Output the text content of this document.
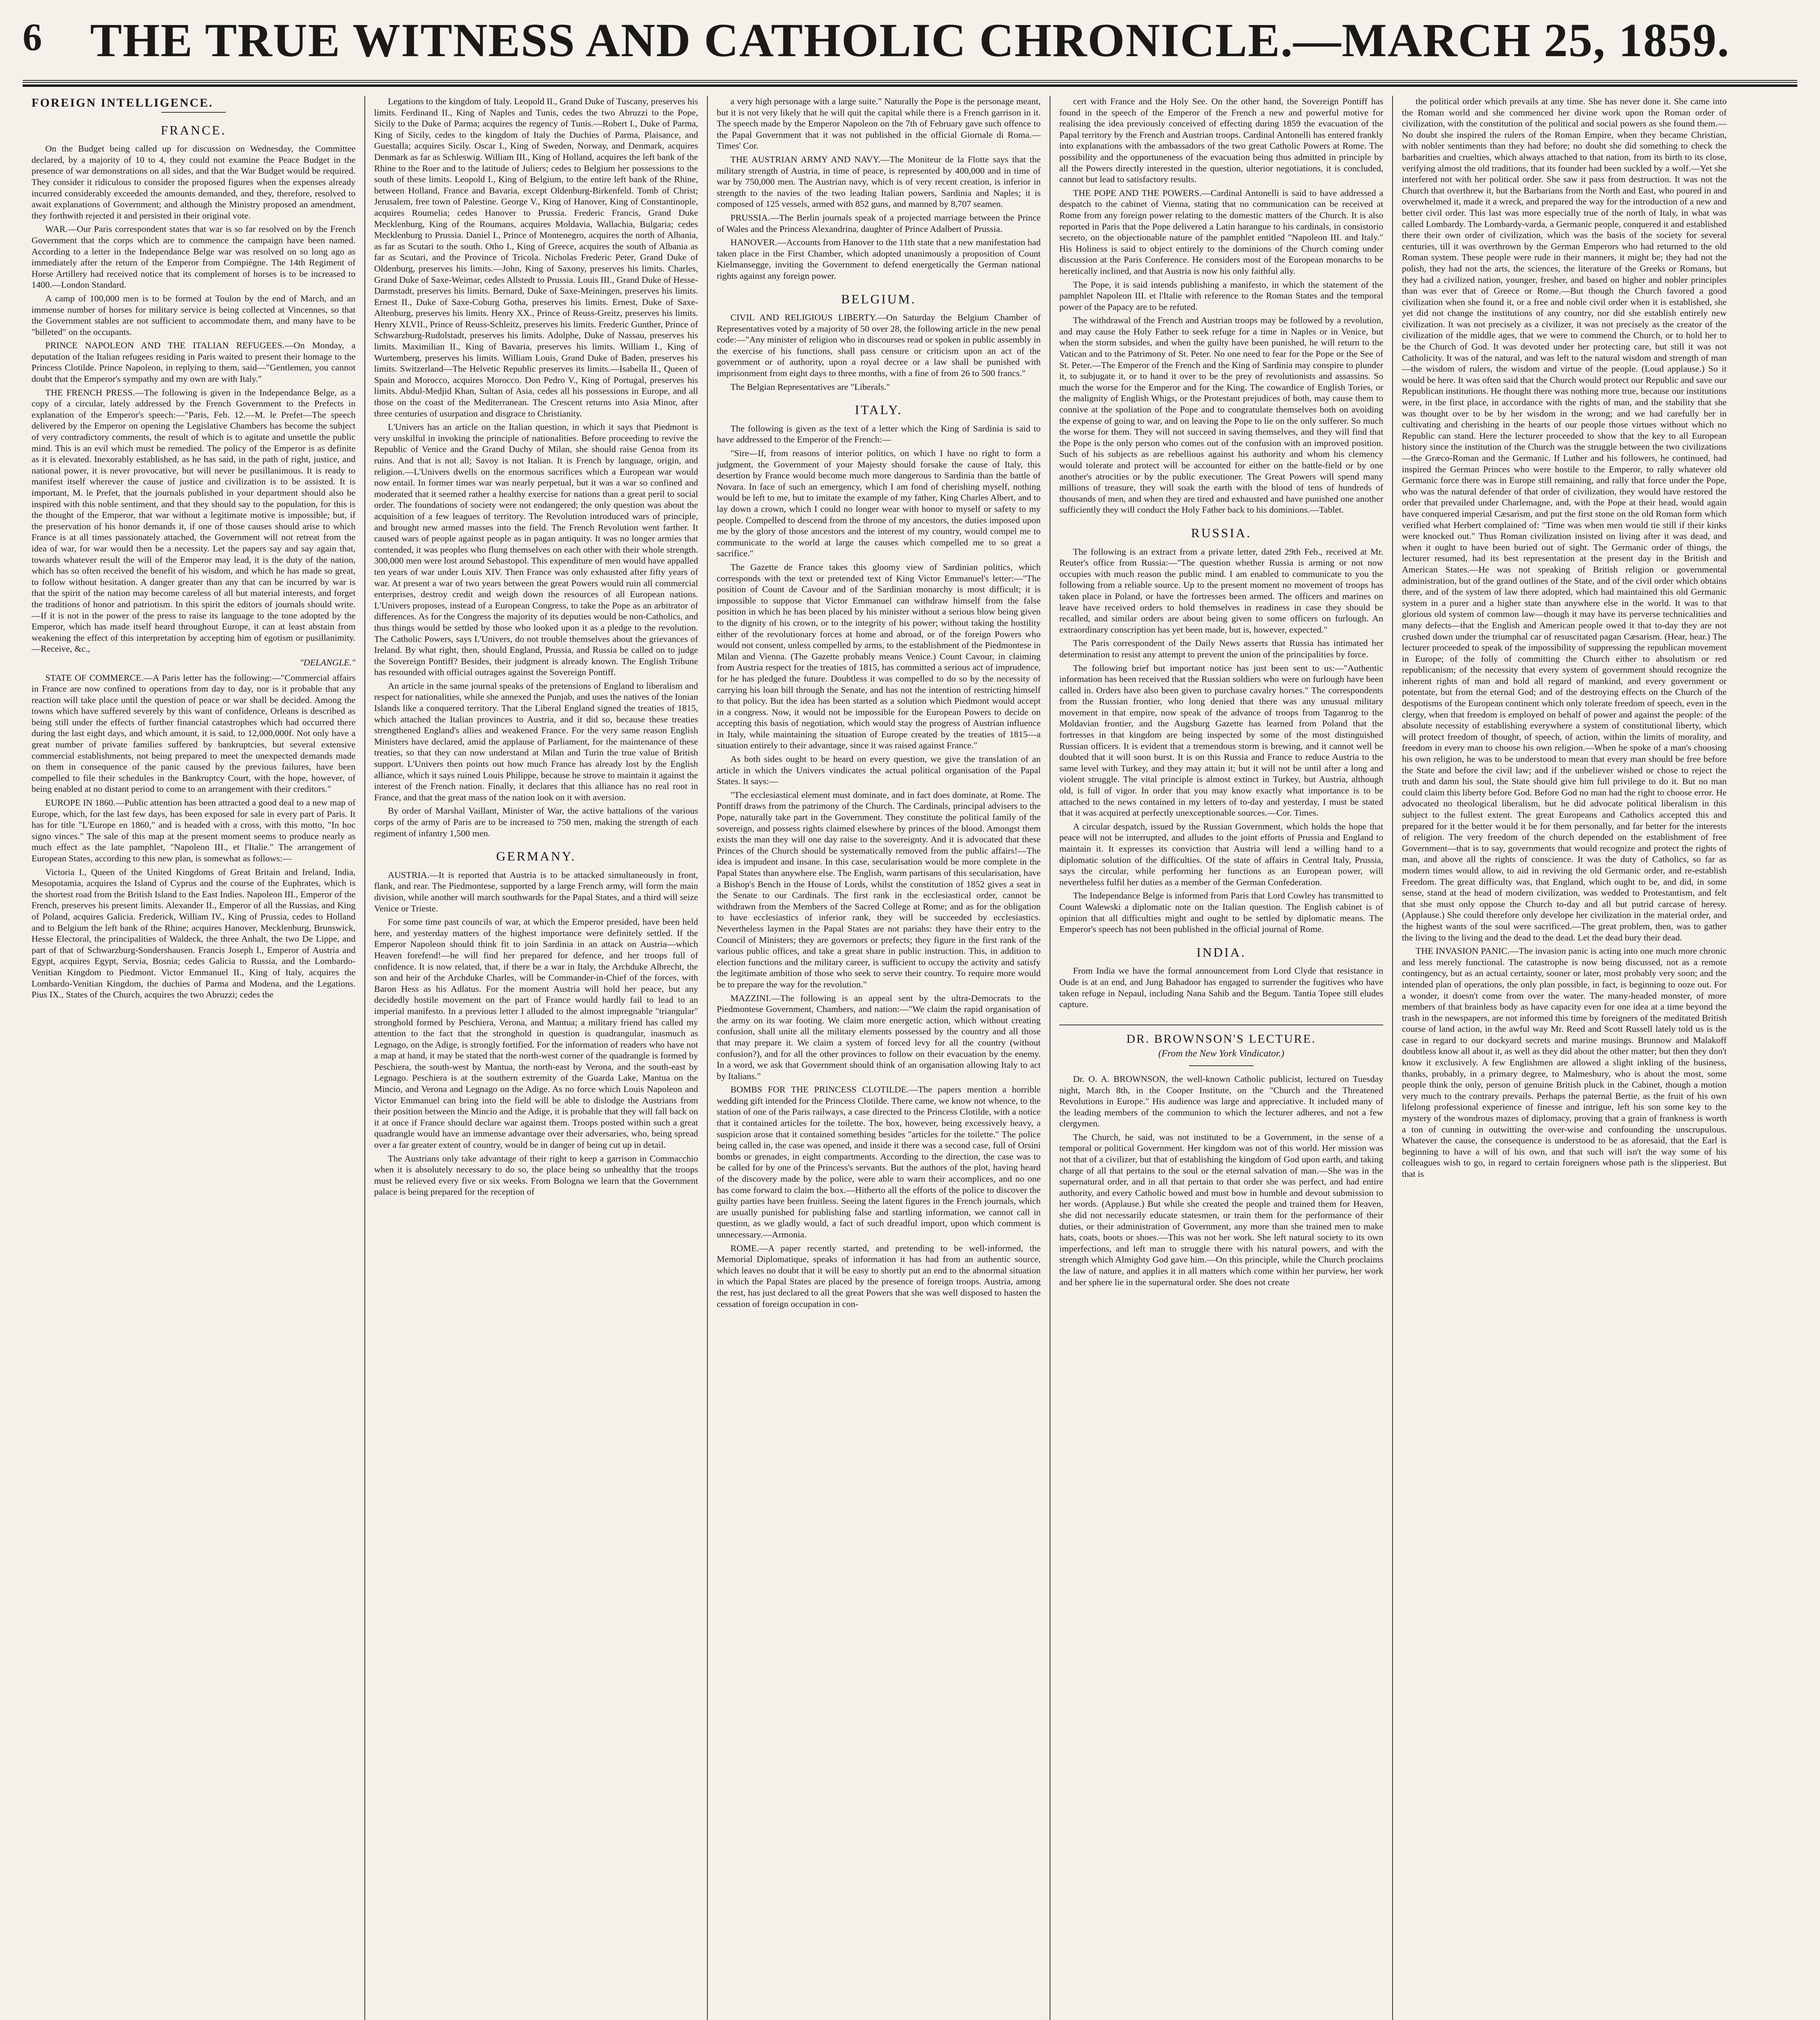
6	THE TRUE WITNESS AND CATHOLIC CHRONICLE.—MARCH 25, 1859.
FOREIGN INTELLIGENCE.
FRANCE.

On the Budget being called up for discussion on Wednesday, the Committee declared, by a majority of 10 to 4, they could not examine the Peace Budget in the presence of war demonstrations on all sides, and that the War Budget would be required. They consider it ridiculous to consider the proposed figures when the expenses already incurred considerably exceeded the amounts demanded, and they, therefore, resolved to await explanations of Government; and although the Ministry proposed an amendment, they forthwith rejected it and persisted in their original vote.

WAR.—Our Paris correspondent states that war is so far resolved on by the French Government that the corps which are to commence the campaign have been named. According to a letter in the Independance Belge war was resolved on so long ago as immediately after the return of the Emperor from Compiègne. The 14th Regiment of Horse Artillery had received notice that its complement of horses is to be increased to 1400.—London Standard.

A camp of 100,000 men is to be formed at Toulon by the end of March, and an immense number of horses for military service is being collected at Vincennes, so that the Government stables are not sufficient to accommodate them, and many have to be "billeted" on the occupants.

PRINCE NAPOLEON AND THE ITALIAN REFUGEES.—On Monday, a deputation of the Italian refugees residing in Paris waited to present their homage to the Princess Clotilde. Prince Napoleon, in replying to them, said—"Gentlemen, you cannot doubt that the Emperor's sympathy and my own are with Italy."

THE FRENCH PRESS.—The following is given in the Independance Belge, as a copy of a circular, lately addressed by the French Government to the Prefects in explanation of the Emperor's speech:—"Paris, Feb. 12.—M. le Prefet—The speech delivered by the Emperor on opening the Legislative Chambers has become the subject of very contradictory comments, the result of which is to agitate and unsettle the public mind. This is an evil which must be remedied. The policy of the Emperor is as definite as it is elevated. Inexorably established, as he has said, in the path of right, justice, and national power, it is never provocative, but will never be pusillanimous. It is ready to manifest itself wherever the cause of justice and civilization is to be assisted. It is important, M. le Prefet, that the journals published in your department should also be inspired with this noble sentiment, and that they should say to the population, for this is the thought of the Emperor, that war without a legitimate motive is impossible; but, if the preservation of his honor demands it, if one of those causes should arise to which France is at all times passionately attached, the Government will not retreat from the idea of war, for war would then be a necessity. Let the papers say and say again that, towards whatever result the will of the Emperor may lead, it is the duty of the nation, which has so often received the benefit of his wisdom, and which he has made so great, to follow without hesitation. A danger greater than any that can be incurred by war is that the spirit of the nation may become careless of all but material interests, and forget the traditions of honor and patriotism. In this spirit the editors of journals should write.—If it is not in the power of the press to raise its language to the tone adopted by the Emperor, which has made itself heard throughout Europe, it can at least abstain from weakening the effect of this interpretation by accepting him of egotism or pusillanimity.—Receive, &c.,

"DELANGLE."

STATE OF COMMERCE.—A Paris letter has the following:—"Commercial affairs in France are now confined to operations from day to day, nor is it probable that any reaction will take place until the question of peace or war shall be decided. Among the towns which have suffered severely by this want of confidence, Orleans is described as being still under the effects of further financial catastrophes which had occurred there during the last eight days, and which amount, it is said, to 12,000,000f. Not only have a great number of private families suffered by bankruptcies, but several extensive commercial establishments, not being prepared to meet the unexpected demands made on them in consequence of the panic caused by the previous failures, have been compelled to file their schedules in the Bankruptcy Court, with the hope, however, of being enabled at no distant period to come to an arrangement with their creditors."

EUROPE IN 1860.—Public attention has been attracted a good deal to a new map of Europe, which, for the last few days, has been exposed for sale in every part of Paris. It has for title "L'Europe en 1860," and is headed with a cross, with this motto, "In hoc signo vinces." The sale of this map at the present moment seems to produce nearly as much effect as the late pamphlet, "Napoleon III., et l'Italie." The arrangement of European States, according to this new plan, is somewhat as follows:—

Victoria I., Queen of the United Kingdoms of Great Britain and Ireland, India, Mesopotamia, acquires the Island of Cyprus and the course of the Euphrates, which is the shortest road from the British Island to the East Indies. Napoleon III., Emperor of the French, preserves his present limits. Alexander II., Emperor of all the Russias, and King of Poland, acquires Galicia. Frederick, William IV., King of Prussia, cedes to Holland and to Belgium the left bank of the Rhine; acquires Hanover, Mecklenburg, Brunswick, Hesse Electoral, the principalities of Waldeck, the three Anhalt, the two De Lippe, and part of that of Schwarzburg-Sondershausen. Francis Joseph I., Emperor of Austria and Egypt, acquires Egypt, Servia, Bosnia; cedes Galicia to Russia, and the Lombardo-Venitian Kingdom to Piedmont. Victor Emmanuel II., King of Italy, acquires the Lombardo-Venitian Kingdom, the duchies of Parma and Modena, and the Legations. Pius IX., States of the Church, acquires the two Abruzzi; cedes the

Legations to the kingdom of Italy. Leopold II., Grand Duke of Tuscany, preserves his limits. Ferdinand II., King of Naples and Tunis, cedes the two Abruzzi to the Pope, Sicily to the Duke of Parma; acquires the regency of Tunis.—Robert I., Duke of Parma, King of Sicily, cedes to the kingdom of Italy the Duchies of Parma, Plaisance, and Guestalla; acquires Sicily. Oscar I., King of Sweden, Norway, and Denmark, acquires Denmark as far as Schleswig. William III., King of Holland, acquires the left bank of the Rhine to the Roer and to the latitude of Juliers; cedes to Belgium her possessions to the south of these limits. Leopold I., King of Belgium, to the entire left bank of the Rhine, between Holland, France and Bavaria, except Oldenburg-Birkenfeld. Tomb of Christ; Jerusalem, free town of Palestine. George V., King of Hanover, King of Constantinople, acquires Roumelia; cedes Hanover to Prussia. Frederic Francis, Grand Duke Mecklenburg, King of the Roumans, acquires Moldavia, Wallachia, Bulgaria; cedes Mecklenburg to Prussia. Daniel I., Prince of Montenegro, acquires the north of Albania, as far as Scutari to the south. Otho I., King of Greece, acquires the south of Albania as far as Scutari, and the Province of Tricola. Nicholas Frederic Peter, Grand Duke of Oldenburg, preserves his limits.—John, King of Saxony, preserves his limits. Charles, Grand Duke of Saxe-Weimar, cedes Allstedt to Prussia. Louis III., Grand Duke of Hesse-Darmstadt, preserves his limits. Bernard, Duke of Saxe-Meiningen, preserves his limits. Ernest II., Duke of Saxe-Coburg Gotha, preserves his limits. Ernest, Duke of Saxe-Altenburg, preserves his limits. Henry XX., Prince of Reuss-Greitz, preserves his limits. Henry XLVII., Prince of Reuss-Schleitz, preserves his limits. Frederic Gunther, Prince of Schwarzburg-Rudolstadt, preserves his limits. Adolphe, Duke of Nassau, preserves his limits. Maximilian II., King of Bavaria, preserves his limits. William I., King of Wurtemberg, preserves his limits. William Louis, Grand Duke of Baden, preserves his limits. Switzerland—The Helvetic Republic preserves its limits.—Isabella II., Queen of Spain and Morocco, acquires Morocco. Don Pedro V., King of Portugal, preserves his limits. Abdul-Medjid Khan, Sultan of Asia, cedes all his possessions in Europe, and all those on the coast of the Mediterranean. The Crescent returns into Asia Minor, after three centuries of usurpation and disgrace to Christianity.

L'Univers has an article on the Italian question, in which it says that Piedmont is very unskilful in invoking the principle of nationalities. Before proceeding to revive the Republic of Venice and the Grand Duchy of Milan, she should raise Genoa from its ruins. And that is not all; Savoy is not Italian. It is French by language, origin, and religion.—L'Univers dwells on the enormous sacrifices which a European war would now entail. In former times war was nearly perpetual, but it was a war so confined and moderated that it seemed rather a healthy exercise for nations than a great peril to social order. The foundations of society were not endangered; the only question was about the acquisition of a few leagues of territory. The Revolution introduced wars of principle, and brought new armed masses into the field. The French Revolution went farther. It caused wars of people against people as in pagan antiquity. It was no longer armies that contended, it was peoples who flung themselves on each other with their whole strength. 300,000 men were lost around Sebastopol. This expenditure of men would have appalled ten years of war under Louis XIV. Then France was only exhausted after fifty years of war. At present a war of two years between the great Powers would ruin all commercial enterprises, destroy credit and weigh down the resources of all European nations. L'Univers proposes, instead of a European Congress, to take the Pope as an arbitrator of differences. As for the Congress the majority of its deputies would be non-Catholics, and thus things would be settled by those who looked upon it as a pledge to the revolution. The Catholic Powers, says L'Univers, do not trouble themselves about the grievances of Ireland. By what right, then, should England, Prussia, and Russia be called on to judge the Sovereign Pontiff? Besides, their judgment is already known. The English Tribune has resounded with official outrages against the Sovereign Pontiff.

An article in the same journal speaks of the pretensions of England to liberalism and respect for nationalities, while she annexed the Punjab, and uses the natives of the Ionian Islands like a conquered territory. That the Liberal England signed the treaties of 1815, which attached the Italian provinces to Austria, and it did so, because these treaties strengthened England's allies and weakened France. For the very same reason English Ministers have declared, amid the applause of Parliament, for the maintenance of these treaties, so that they can now understand at Milan and Turin the true value of British support. L'Univers then points out how much France has already lost by the English alliance, which it says ruined Louis Philippe, because he strove to maintain it against the interest of the French nation. Finally, it declares that this alliance has no real root in France, and that the great mass of the nation look on it with aversion.

By order of Marshal Vaillant, Minister of War, the active battalions of the various corps of the army of Paris are to be increased to 750 men, making the strength of each regiment of infantry 1,500 men.

GERMANY.

AUSTRIA.—It is reported that Austria is to be attacked simultaneously in front, flank, and rear. The Piedmontese, supported by a large French army, will form the main division, while another will march southwards for the Papal States, and a third will seize Venice or Trieste.

For some time past councils of war, at which the Emperor presided, have been held here, and yesterday matters of the highest importance were definitely settled. If the Emperor Napoleon should think fit to join Sardinia in an attack on Austria—which Heaven forefend!—he will find her prepared for defence, and her troops full of confidence. It is now related, that, if there be a war in Italy, the Archduke Albrecht, the son and heir of the Archduke Charles, will be Commander-in-Chief of the forces, with Baron Hess as his Adlatus. For the moment Austria will hold her peace, but any decidedly hostile movement on the part of France would hardly fail to lead to an imperial manifesto. In a previous letter I alluded to the almost impregnable "triangular" stronghold formed by Peschiera, Verona, and Mantua; a military friend has called my attention to the fact that the stronghold in question is quadrangular, inasmuch as Legnago, on the Adige, is strongly fortified. For the information of readers who have not a map at hand, it may be stated that the north-west corner of the quadrangle is formed by Peschiera, the south-west by Mantua, the north-east by Verona, and the south-east by Legnago. Peschiera is at the southern extremity of the Guarda Lake, Mantua on the Mincio, and Verona and Legnago on the Adige. As no force which Louis Napoleon and Victor Emmanuel can bring into the field will be able to dislodge the Austrians from their position between the Mincio and the Adige, it is probable that they will fall back on it at once if France should declare war against them. Troops posted within such a great quadrangle would have an immense advantage over their adversaries, who, being spread over a far greater extent of country, would be in danger of being cut up in detail.

The Austrians only take advantage of their right to keep a garrison in Commacchio when it is absolutely necessary to do so, the place being so unhealthy that the troops must be relieved every five or six weeks. From Bologna we learn that the Government palace is being prepared for the reception of

a very high personage with a large suite." Naturally the Pope is the personage meant, but it is not very likely that he will quit the capital while there is a French garrison in it. The speech made by the Emperor Napoleon on the 7th of February gave such offence to the Papal Government that it was not published in the official Giornale di Roma.—Times' Cor.

THE AUSTRIAN ARMY AND NAVY.—The Moniteur de la Flotte says that the military strength of Austria, in time of peace, is represented by 400,000 and in time of war by 750,000 men. The Austrian navy, which is of very recent creation, is inferior in strength to the navies of the two leading Italian powers, Sardinia and Naples; it is composed of 125 vessels, armed with 852 guns, and manned by 8,707 seamen.

PRUSSIA.—The Berlin journals speak of a projected marriage between the Prince of Wales and the Princess Alexandrina, daughter of Prince Adalbert of Prussia.

HANOVER.—Accounts from Hanover to the 11th state that a new manifestation had taken place in the First Chamber, which adopted unanimously a proposition of Count Kielmansegge, inviting the Government to defend energetically the German national rights against any foreign power.

BELGIUM.

CIVIL AND RELIGIOUS LIBERTY.—On Saturday the Belgium Chamber of Representatives voted by a majority of 50 over 28, the following article in the new penal code:—"Any minister of religion who in discourses read or spoken in public assembly in the exercise of his functions, shall pass censure or criticism upon an act of the government or of authority, upon a royal decree or a law shall be punished with imprisonment from eight days to three months, with a fine of from 26 to 500 francs."

The Belgian Representatives are "Liberals."

ITALY.

The following is given as the text of a letter which the King of Sardinia is said to have addressed to the Emperor of the French:—

"Sire—If, from reasons of interior politics, on which I have no right to form a judgment, the Government of your Majesty should forsake the cause of Italy, this desertion by France would become much more dangerous to Sardinia than the battle of Novara. In face of such an emergency, which I am fond of cherishing myself, nothing would be left to me, but to imitate the example of my father, King Charles Albert, and to lay down a crown, which I could no longer wear with honor to myself or safety to my people. Compelled to descend from the throne of my ancestors, the duties imposed upon me by the glory of those ancestors and the interest of my country, would compel me to communicate to the world at large the causes which compelled me to so great a sacrifice."

The Gazette de France takes this gloomy view of Sardinian politics, which corresponds with the text or pretended text of King Victor Emmanuel's letter:—"The position of Count de Cavour and of the Sardinian monarchy is most difficult; it is impossible to suppose that Victor Emmanuel can withdraw himself from the false position in which he has been placed by his minister without a serious blow being given to the dignity of his crown, or to the integrity of his power; without taking the hostility either of the revolutionary forces at home and abroad, or of the foreign Powers who would not consent, unless compelled by arms, to the establishment of the Piedmontese in Milan and Vienna. (The Gazette probably means Venice.) Count Cavour, in claiming from Austria respect for the treaties of 1815, has committed a serious act of imprudence, for he has pledged the future. Doubtless it was compelled to do so by the necessity of carrying his loan bill through the Senate, and has not the intention of restricting himself to that policy. But the idea has been started as a solution which Piedmont would accept in a congress. Now, it would not be impossible for the European Powers to decide on accepting this basis of negotiation, which would stay the progress of Austrian influence in Italy, while maintaining the situation of Europe created by the treaties of 1815—a situation entirely to their advantage, since it was raised against France."

As both sides ought to be heard on every question, we give the translation of an article in which the Univers vindicates the actual political organisation of the Papal States. It says:—

"The ecclesiastical element must dominate, and in fact does dominate, at Rome. The Pontiff draws from the patrimony of the Church. The Cardinals, principal advisers to the Pope, naturally take part in the Government. They constitute the political family of the sovereign, and possess rights claimed elsewhere by princes of the blood. Amongst them exists the man they will one day raise to the sovereignty. And it is advocated that these Princes of the Church should be systematically removed from the public affairs!—The idea is impudent and insane. In this case, secularisation would be more complete in the Papal States than anywhere else. The English, warm partisans of this secularisation, have a Bishop's Bench in the House of Lords, whilst the constitution of 1852 gives a seat in the Senate to our Cardinals. The first rank in the ecclesiastical order, cannot be withdrawn from the Members of the Sacred College at Rome; and as for the obligation to have ecclesiastics of inferior rank, they will be succeeded by ecclesiastics. Nevertheless laymen in the Papal States are not pariahs: they have their entry to the Council of Ministers; they are governors or prefects; they figure in the first rank of the various public offices, and take a great share in public instruction. This, in addition to election functions and the military career, is sufficient to occupy the activity and satisfy the legitimate ambition of those who seek to serve their country. To require more would be to prepare the way for the revolution."

MAZZINI.—The following is an appeal sent by the ultra-Democrats to the Piedmontese Government, Chambers, and nation:—"We claim the rapid organisation of the army on its war footing. We claim more energetic action, which without creating confusion, shall unite all the military elements possessed by the country and all those that may prepare it. We claim a system of forced levy for all the country (without confusion?), and for all the other provinces to follow on their evacuation by the enemy. In a word, we ask that Government should think of an organisation allowing Italy to act by Italians."

BOMBS FOR THE PRINCESS CLOTILDE.—The papers mention a horrible wedding gift intended for the Princess Clotilde. There came, we know not whence, to the station of one of the Paris railways, a case directed to the Princess Clotilde, with a notice that it contained articles for the toilette. The box, however, being excessively heavy, a suspicion arose that it contained something besides "articles for the toilette." The police being called in, the case was opened, and inside it there was a second case, full of Orsini bombs or grenades, in eight compartments. According to the direction, the case was to be called for by one of the Princess's servants. But the authors of the plot, having heard of the discovery made by the police, were able to warn their accomplices, and no one has come forward to claim the box.—Hitherto all the efforts of the police to discover the guilty parties have been fruitless. Seeing the latent figures in the French journals, which are usually punished for publishing false and startling information, we cannot call in question, as we gladly would, a fact of such dreadful import, upon which comment is unnecessary.—Armonia.

ROME.—A paper recently started, and pretending to be well-informed, the Memorial Diplomatique, speaks of information it has had from an authentic source, which leaves no doubt that it will be easy to shortly put an end to the abnormal situation in which the Papal States are placed by the presence of foreign troops. Austria, among the rest, has just declared to all the great Powers that she was well disposed to hasten the cessation of foreign occupation in con-

cert with France and the Holy See. On the other hand, the Sovereign Pontiff has found in the speech of the Emperor of the French a new and powerful motive for realising the idea previously conceived of effecting during 1859 the evacuation of the Papal territory by the French and Austrian troops. Cardinal Antonelli has entered frankly into explanations with the ambassadors of the two great Catholic Powers at Rome. The possibility and the opportuneness of the evacuation being thus admitted in principle by all the Powers directly interested in the question, ulterior negotiations, it is concluded, cannot but lead to satisfactory results.

THE POPE AND THE POWERS.—Cardinal Antonelli is said to have addressed a despatch to the cabinet of Vienna, stating that no communication can be received at Rome from any foreign power relating to the domestic matters of the Church. It is also reported in Paris that the Pope delivered a Latin harangue to his cardinals, in consistorio secreto, on the objectionable nature of the pamphlet entitled "Napoleon III. and Italy." His Holiness is said to object entirely to the dominions of the Church coming under discussion at the Paris Conference. He considers most of the European monarchs to be heretically inclined, and that Austria is now his only faithful ally.

The Pope, it is said intends publishing a manifesto, in which the statement of the pamphlet Napoleon III. et l'Italie with reference to the Roman States and the temporal power of the Papacy are to be refuted.

The withdrawal of the French and Austrian troops may be followed by a revolution, and may cause the Holy Father to seek refuge for a time in Naples or in Venice, but when the storm subsides, and when the guilty have been punished, he will return to the Vatican and to the Patrimony of St. Peter. No one need to fear for the Pope or the See of St. Peter.—The Emperor of the French and the King of Sardinia may conspire to plunder it, to subjugate it, or to hand it over to be the prey of revolutionists and assassins. So much the worse for the Emperor and for the King. The cowardice of English Tories, or the malignity of English Whigs, or the Protestant prejudices of both, may cause them to connive at the spoliation of the Pope and to congratulate themselves both on avoiding the expense of going to war, and on leaving the Pope to lie on the only sufferer. So much the worse for them. They will not succeed in saving themselves, and they will find that the Pope is the only person who comes out of the confusion with an improved position. Such of his subjects as are rebellious against his authority and whom his clemency would tolerate and protect will be accounted for either on the battle-field or by one another's atrocities or by the public executioner. The Great Powers will spend many millions of treasure, they will soak the earth with the blood of tens of hundreds of thousands of men, and when they are tired and exhausted and have punished one another sufficiently they will conduct the Holy Father back to his dominions.—Tablet.

RUSSIA.

The following is an extract from a private letter, dated 29th Feb., received at Mr. Reuter's office from Russia:—"The question whether Russia is arming or not now occupies with much reason the public mind. I am enabled to communicate to you the following from a reliable source. Up to the present moment no movement of troops has taken place in Poland, or have the fortresses been armed. The officers and marines on leave have received orders to hold themselves in readiness in case they should be recalled, and similar orders are about being given to some officers on furlough. An extraordinary conscription has yet been made, but is, however, expected."

The Paris correspondent of the Daily News asserts that Russia has intimated her determination to resist any attempt to prevent the union of the principalities by force.

The following brief but important notice has just been sent to us:—"Authentic information has been received that the Russian soldiers who were on furlough have been called in. Orders have also been given to purchase cavalry horses." The correspondents from the Russian frontier, who long denied that there was any unusual military movement in that empire, now speak of the advance of troops from Taganrog to the Moldavian frontier, and the Augsburg Gazette has learned from Poland that the fortresses in that kingdom are being inspected by some of the most distinguished Russian officers. It is evident that a tremendous storm is brewing, and it cannot well be doubted that it will soon burst. It is on this Russia and France to reduce Austria to the same level with Turkey, and they may attain it; but it will not be until after a long and violent struggle. The vital principle is almost extinct in Turkey, but Austria, although old, is full of vigor. In order that you may know exactly what importance is to be attached to the news contained in my letters of to-day and yesterday, I must be stated that it was acquired at perfectly unexceptionable sources.—Cor. Times.

A circular despatch, issued by the Russian Government, which holds the hope that peace will not be interrupted, and alludes to the joint efforts of Prussia and England to maintain it. It expresses its conviction that Austria will lend a willing hand to a diplomatic solution of the difficulties. Of the state of affairs in Central Italy, Prussia, says the circular, while performing her functions as an European power, will nevertheless fulfil her duties as a member of the German Confederation.

The Independance Belge is informed from Paris that Lord Cowley has transmitted to Count Walewski a diplomatic note on the Italian question. The English cabinet is of opinion that all difficulties might and ought to be settled by diplomatic means. The Emperor's speech has not been published in the official journal of Rome.

INDIA.

From India we have the formal announcement from Lord Clyde that resistance in Oude is at an end, and Jung Bahadoor has engaged to surrender the fugitives who have taken refuge in Nepaul, including Nana Sahib and the Begum. Tantia Topee still eludes capture.

DR. BROWNSON'S LECTURE.
(From the New York Vindicator.)

Dr. O. A. BROWNSON, the well-known Catholic publicist, lectured on Tuesday night, March 8th, in the Cooper Institute, on the "Church and the Threatened Revolutions in Europe." His audience was large and appreciative. It included many of the leading members of the communion to which the lecturer adheres, and not a few clergymen.

The Church, he said, was not instituted to be a Government, in the sense of a temporal or political Government. Her kingdom was not of this world. Her mission was not that of a civilizer, but that of establishing the kingdom of God upon earth, and taking charge of all that pertains to the soul or the eternal salvation of man.—She was in the supernatural order, and in all that pertain to that order she was perfect, and had entire authority, and every Catholic bowed and must bow in humble and devout submission to her words. (Applause.) But while she created the people and trained them for Heaven, she did not necessarily educate statesmen, or train them for the performance of their duties, or their administration of Government, any more than she trained men to make hats, coats, boots or shoes.—This was not her work. She left natural society to its own imperfections, and left man to struggle there with his natural powers, and with the strength which Almighty God gave him.—On this principle, while the Church proclaims the law of nature, and applies it in all matters which come within her purview, her work and her sphere lie in the supernatural order. She does not create

the political order which prevails at any time. She has never done it. She came into the Roman world and she commenced her divine work upon the Roman order of civilization, with the constitution of the political and social powers as she found them.—No doubt she inspired the rulers of the Roman Empire, when they became Christian, with nobler sentiments than they had before; no doubt she did something to check the barbarities and cruelties, which always attached to that nation, from its birth to its close, verifying almost the old traditions, that its founder had been suckled by a wolf.—Yet she interfered not with her political order. She saw it pass from destruction. It was not the Church that overthrew it, but the Barbarians from the North and East, who poured in and overwhelmed it, made it a wreck, and prepared the way for the introduction of a new and better civil order. This last was more especially true of the north of Italy, in what was called Lombardy. The Lombardy-varda, a Germanic people, conquered it and established there their own order of civilization, which was the basis of the society for several centuries, till it was overthrown by the German Emperors who had returned to the old Roman system. These people were rude in their manners, it might be; they had not the polish, they had not the arts, the sciences, the literature of the Greeks or Romans, but they had a civilized nation, younger, fresher, and based on higher and nobler principles than was ever that of Greece or Rome.—But though the Church favored a good civilization when she found it, or a free and noble civil order when it is established, she yet did not change the institutions of any country, nor did she establish entirely new civilization. It was not precisely as a civilizer, it was not precisely as the creator of the civilization of the middle ages, that we were to commend the Church, or to hold her to be the Church of God. It was devoted under her protecting care, but still it was not Catholicity. It was of the natural, and was left to the natural wisdom and strength of man—the wisdom of rulers, the wisdom and virtue of the people. (Loud applause.) So it would be here. It was often said that the Church would protect our Republic and save our Republican institutions. He thought there was nothing more true, because our institutions were, in the first place, in accordance with the rights of man, and the stability that she was thought over to be by her wisdom in the wrong; and we had carefully her in cultivating and cherishing in the hearts of our people those virtues without which no Republic can stand. Here the lecturer proceeded to show that the key to all European history since the institution of the Church was the struggle between the two civilizations—the Græco-Roman and the Germanic. If Luther and his followers, he continued, had inspired the German Princes who were hostile to the Emperor, to rally whatever old Germanic force there was in Europe still remaining, and rally that force under the Pope, who was the natural defender of that order of civilization, they would have restored the order that prevailed under Charlemagne, and, with the Pope at their head, would again have conquered imperial Cæsarism, and put the first stone on the old Roman form which verified what Herbert complained of: "Time was when men would tie still if their kinks were knocked out." Thus Roman civilization insisted on living after it was dead, and when it ought to have been buried out of sight. The Germanic order of things, the lecturer resumed, had its best representation at the present day in the British and American States.—He was not speaking of British religion or governmental administration, but of the grand outlines of the State, and of the civil order which obtains there, and of the system of law there adopted, which had maintained this old Germanic system in a purer and a higher state than anywhere else in the world. It was to that glorious old system of common law—though it may have its perverse technicalities and many defects—that the English and American people owed it that to-day they are not crushed down under the triumphal car of resuscitated pagan Cæsarism. (Hear, hear.) The lecturer proceeded to speak of the impossibility of suppressing the republican movement in Europe; of the folly of committing the Church either to absolutism or red republicanism; of the necessity that every system of government should recognize the inherent rights of man and hold all regard of mankind, and every government or potentate, but from the eternal God; and of the destroying effects on the Church of the despotisms of the European continent which only tolerate freedom of speech, even in the clergy, when that freedom is employed on behalf of power and against the people: of the absolute necessity of establishing everywhere a system of constitutional liberty, which will protect freedom of thought, of speech, of action, within the limits of morality, and freedom in every man to choose his own religion.—When he spoke of a man's choosing his own religion, he was to be understood to mean that every man should be free before the State and before the civil law; and if the unbeliever wished or chose to reject the truth and damn his soul, the State should give him full privilege to do it. But no man could claim this liberty before God. Before God no man had the right to choose error. He advocated no theological liberalism, but he did advocate political liberalism in this subject to the fullest extent. The great Europeans and Catholics accepted this and prepared for it the better would it be for them personally, and far better for the interests of religion. The very freedom of the church depended on the establishment of free Government—that is to say, governments that would recognize and protect the rights of man, and above all the rights of conscience. It was the duty of Catholics, so far as modern times would allow, to aid in reviving the old Germanic order, and re-establish Freedom. The great difficulty was, that England, which ought to be, and did, in some sense, stand at the head of modern civilization, was wedded to Protestantism, and felt that she must only oppose the Church to-day and all but putrid carcase of heresy. (Applause.) She could therefore only develope her civilization in the material order, and the highest wants of the soul were sacrificed.—The great problem, then, was to gather the living to the living and the dead to the dead. Let the dead bury their dead.

THE INVASION PANIC.—The invasion panic is acting into one much more chronic and less merely functional. The catastrophe is now being discussed, not as a remote contingency, but as an actual certainty, sooner or later, most probably very soon; and the intended plan of operations, the only plan possible, in fact, is beginning to ooze out. For a wonder, it doesn't come from over the water. The many-headed monster, of more members of that brainless body as have capacity even for one idea at a time beyond the trash in the newspapers, are not informed this time by foreigners of the meditated British course of land action, in the awful way Mr. Reed and Scott Russell lately told us is the case in regard to our dockyard secrets and marine musings. Brunnow and Malakoff doubtless know all about it, as well as they did about the other matter; but then they don't know it exclusively. A few Englishmen are allowed a slight inkling of the business, thanks, probably, in a primary degree, to Malmesbury, who is about the most, some people think the only, person of genuine British pluck in the Cabinet, though a motion very much to the contrary prevails. Perhaps the paternal Bertie, as the fruit of his own lifelong professional experience of finesse and intrigue, left his son some key to the mystery of the wondrous mazes of diplomacy, proving that a grain of frankness is worth a ton of cunning in outwitting the over-wise and confounding the unscrupulous. Whatever the cause, the consequence is understood to be as aforesaid, that the Earl is beginning to have a will of his own, and that such will isn't the way some of his colleagues wish to go, in regard to certain foreigners whose path is the slipperiest. But that is
